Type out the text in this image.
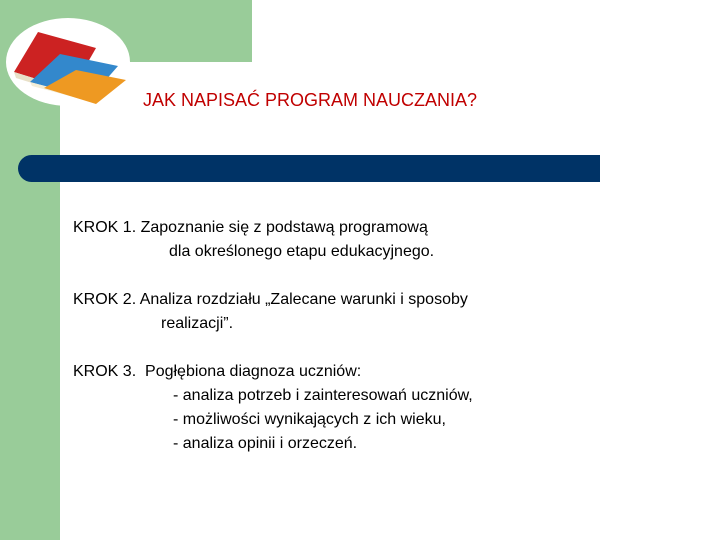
JAK NAPISAĆ PROGRAM NAUCZANIA?
KROK 1. Zapoznanie się z podstawą programową
dla określonego etapu edukacyjnego.
KROK 2. Analiza rozdziału „Zalecane warunki i sposoby
realizacji”.
KROK 3. Pogłębiona diagnoza uczniów:
- analiza potrzeb i zainteresowań uczniów,
- możliwości wynikających z ich wieku,
- analiza opinii i orzeczeń.
